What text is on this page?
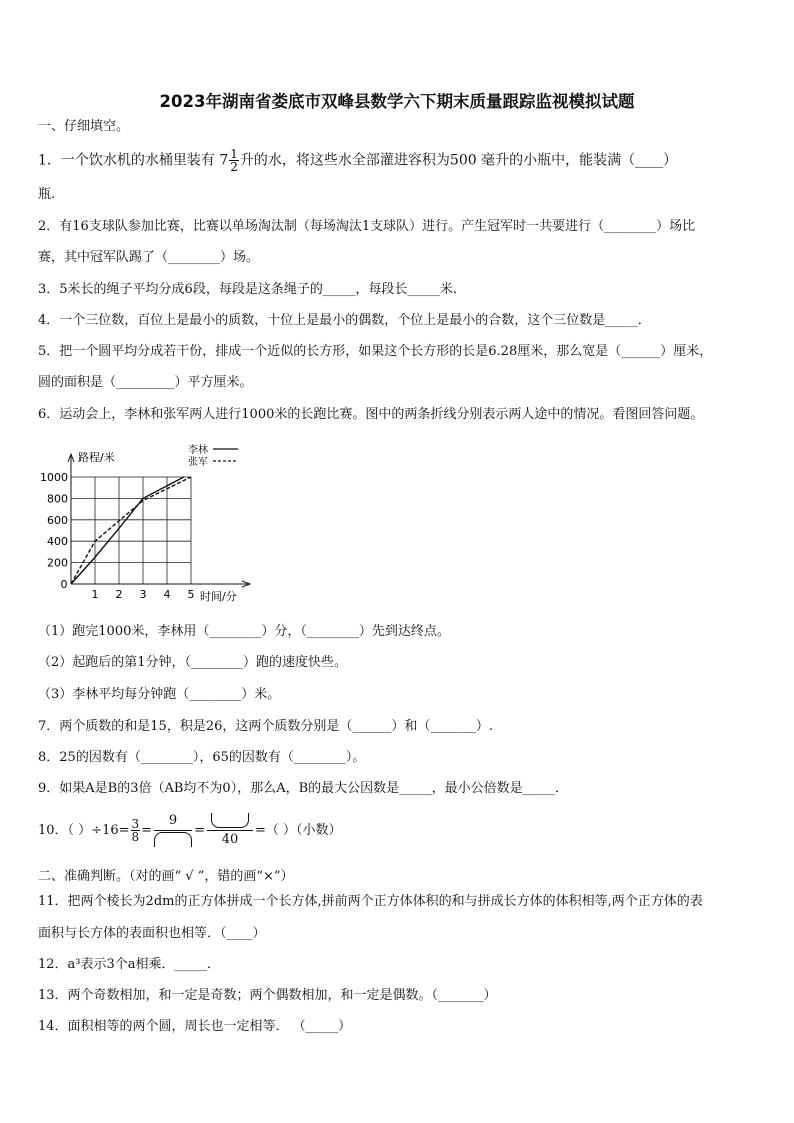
2023年湖南省娄底市双峰县数学六下期末质量跟踪监视模拟试题
一、仔细填空。
1．一个饮水机的水桶里装有 $7 \frac{1}{2}$ 升的水，将这些水全部灌进容积为500 毫升的小瓶中，能装满（____）
瓶．
2．有16支球队参加比赛，比赛以单场淘汰制（每场淘汰1支球队）进行。产生冠军时一共要进行（________）场比
赛，其中冠军队踢了（________）场。
3．5米长的绳子平均分成6段，每段是这条绳子的_____，每段长_____米．
4．一个三位数，百位上是最小的质数，十位上是最小的偶数，个位上是最小的合数，这个三位数是_____．
5．把一个圆平均分成若干份，排成一个近似的长方形，如果这个长方形的长是6.28厘米，那么宽是（______）厘米，
圆的面积是（_________）平方厘米。
6．运动会上，李林和张军两人进行1000米的长跑比赛。图中的两条折线分别表示两人途中的情况。看图回答问题。
0
1 2 3 4 5
200
400
600
800
1000
李林
张军
路程/米
时间/分
（1）跑完1000米，李林用（________）分，（________）先到达终点。
（2）起跑后的第1分钟，（________）跑的速度快些。
（3）李林平均每分钟跑（________）米。
7．两个质数的和是15，积是26，这两个质数分别是（______）和（_______）.
8．25的因数有（________），65的因数有（________）。
9．如果A是B的3倍（AB均不为0），那么A，B的最大公因数是_____，最小公倍数是_____．
10．（ ）$\div 16= \frac{3}{8}$ =
9
=
40
=（ ）（小数）
二、准确判断。（对的画“ √ ”，错的画“×”）
11．把两个棱长为2dm的正方体拼成一个长方体,拼前两个正方体体积的和与拼成长方体的体积相等,两个正方体的表
面积与长方体的表面积也相等．（____）
12．a³表示3个a相乘．_____．
13．两个奇数相加，和一定是奇数；两个偶数相加，和一定是偶数。（_______）
14．面积相等的两个圆，周长也一定相等． （_____）
